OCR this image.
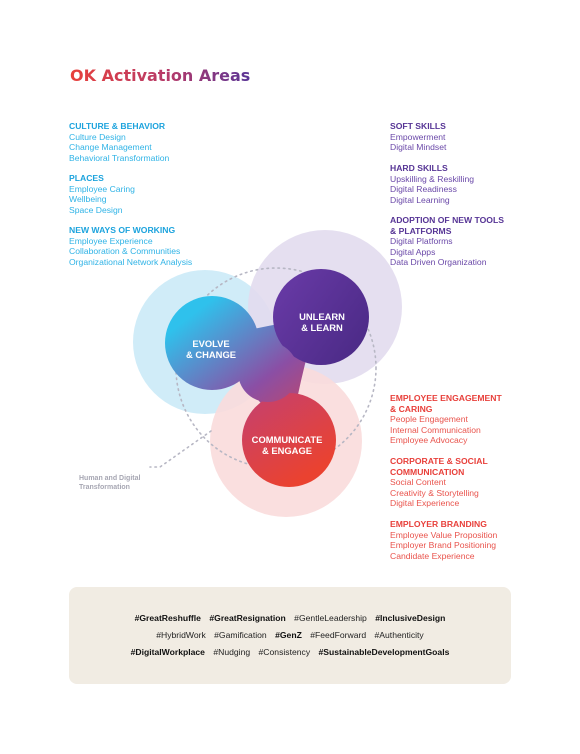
OK Activation Areas

CULTURE & BEHAVIOR

Culture Design

Change Management

Behavioral Transformation

PLACES

Employee Caring

Wellbeing

Space Design

NEW WAYS OF WORKING

Employee Experience

Collaboration & Communities

Organizational Network Analysis

SOFT SKILLS

Empowerment

Digital Mindset

HARD SKILLS

Upskilling & Reskilling

Digital Readiness

Digital Learning

ADOPTION OF NEW TOOLS

& PLATFORMS

Digital Platforms

Digital Apps

Data Driven Organization

EMPLOYEE ENGAGEMENT

& CARING

People Engagement

Internal Communication

Employee Advocacy

CORPORATE & SOCIAL

COMMUNICATION

Social Content

Creativity & Storytelling

Digital Experience

EMPLOYER BRANDING

Employee Value Proposition

Employer Brand Positioning

Candidate Experience

EVOLVE
& CHANGE
UNLEARN
& LEARN
COMMUNICATE
& ENGAGE
Human and Digital
Transformation
#GreatReshuffle #GreatResignation #GentleLeadership #InclusiveDesign
#HybridWork #Gamification #GenZ #FeedForward #Authenticity
#DigitalWorkplace #Nudging #Consistency #SustainableDevelopmentGoals
